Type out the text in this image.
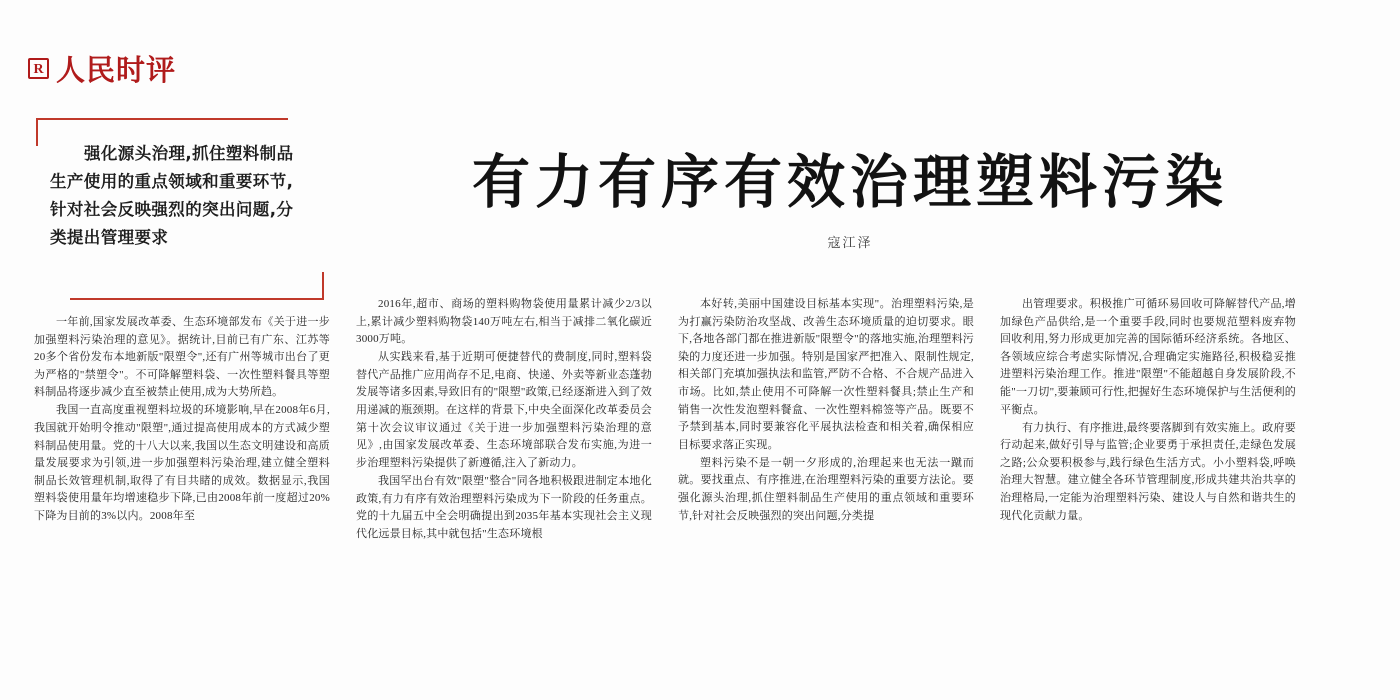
R 人民时评
强化源头治理,抓住塑料制品生产使用的重点领域和重要环节,针对社会反映强烈的突出问题,分类提出管理要求
有力有序有效治理塑料污染
寇江泽

一年前,国家发展改革委、生态环境部发布《关于进一步加强塑料污染治理的意见》。据统计,目前已有广东、江苏等20多个省份发布本地新版"限塑令",还有广州等城市出台了更为严格的"禁塑令"。不可降解塑料袋、一次性塑料餐具等塑料制品将逐步减少直至被禁止使用,成为大势所趋。

我国一直高度重视塑料垃圾的环境影响,早在2008年6月,我国就开始明令推动"限塑",通过提高使用成本的方式减少塑料制品使用量。党的十八大以来,我国以生态文明建设和高质量发展要求为引领,进一步加强塑料污染治理,建立健全塑料制品长效管理机制,取得了有目共睹的成效。数据显示,我国塑料袋使用量年均增速稳步下降,已由2008年前一度超过20%下降为目前的3%以内。2008年至

2016年,超市、商场的塑料购物袋使用量累计减少2/3以上,累计减少塑料购物袋140万吨左右,相当于减排二氧化碳近3000万吨。

从实践来看,基于近期可便捷替代的费制度,同时,塑料袋替代产品推广应用尚存不足,电商、快递、外卖等新业态蓬勃发展等诸多因素,导致旧有的"限塑"政策,已经逐渐进入到了效用递减的瓶颈期。在这样的背景下,中央全面深化改革委员会第十次会议审议通过《关于进一步加强塑料污染治理的意见》,由国家发展改革委、生态环境部联合发布实施,为进一步治理塑料污染提供了新遵循,注入了新动力。

我国罕出台有效"限塑"整合"同各地积极跟进制定本地化政策,有力有序有效治理塑料污染成为下一阶段的任务重点。党的十九届五中全会明确提出到2035年基本实现社会主义现代化远景目标,其中就包括"生态环境根

本好转,美丽中国建设目标基本实现"。治理塑料污染,是为打赢污染防治攻坚战、改善生态环境质量的迫切要求。眼下,各地各部门都在推进新版"限塑令"的落地实施,治理塑料污染的力度还进一步加强。特别是国家严把准入、限制性规定,相关部门充填加强执法和监管,严防不合格、不合规产品进入市场。比如,禁止使用不可降解一次性塑料餐具;禁止生产和销售一次性发泡塑料餐盒、一次性塑料棉签等产品。既要不予禁到基本,同时要兼容化平展执法检查和相关着,确保相应目标要求落正实现。

塑料污染不是一朝一夕形成的,治理起来也无法一蹴而就。要找重点、有序推进,在治理塑料污染的重要方法论。要强化源头治理,抓住塑料制品生产使用的重点领域和重要环节,针对社会反映强烈的突出问题,分类提

出管理要求。积极推广可循环易回收可降解替代产品,增加绿色产品供给,是一个重要手段,同时也要规范塑料废弃物回收利用,努力形成更加完善的国际循环经济系统。各地区、各领域应综合考虑实际情况,合理确定实施路径,积极稳妥推进塑料污染治理工作。推进"限塑"不能超越自身发展阶段,不能"一刀切",要兼顾可行性,把握好生态环境保护与生活便利的平衡点。

有力执行、有序推进,最终要落脚到有效实施上。政府要行动起来,做好引导与监管;企业要勇于承担责任,走绿色发展之路;公众要积极参与,践行绿色生活方式。小小塑料袋,呼唤治理大智慧。建立健全各环节管理制度,形成共建共治共享的治理格局,一定能为治理塑料污染、建设人与自然和谐共生的现代化贡献力量。
